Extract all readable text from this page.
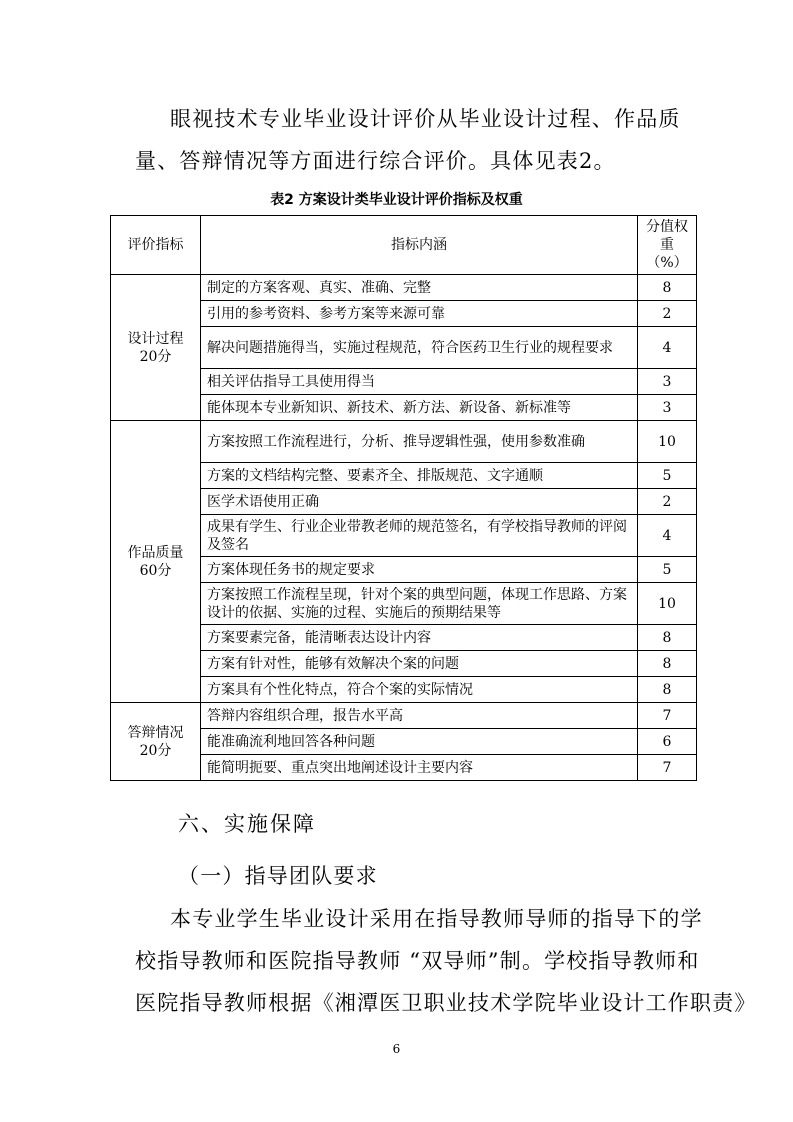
眼视技术专业毕业设计评价从毕业设计过程、作品质

量、答辩情况等方面进行综合评价。具体见表2。

表2 方案设计类毕业设计评价指标及权重

评价指标	指标内涵	分值权重
（%）
设计过程
20分	制定的方案客观、真实、准确、完整	8
	引用的参考资料、参考方案等来源可靠	2
	解决问题措施得当，实施过程规范，符合医药卫生行业的规程要求	4
	相关评估指导工具使用得当	3
	能体现本专业新知识、新技术、新方法、新设备、新标准等	3
作品质量
60分	方案按照工作流程进行，分析、推导逻辑性强，使用参数准确	10
	方案的文档结构完整、要素齐全、排版规范、文字通顺	5
	医学术语使用正确	2
	成果有学生、行业企业带教老师的规范签名，有学校指导教师的评阅及签名	4
	方案体现任务书的规定要求	5
	方案按照工作流程呈现，针对个案的典型问题，体现工作思路、方案设计的依据、实施的过程、实施后的预期结果等	10
	方案要素完备，能清晰表达设计内容	8
	方案有针对性，能够有效解决个案的问题	8
	方案具有个性化特点，符合个案的实际情况	8
答辩情况
20分	答辩内容组织合理，报告水平高	7
	能准确流利地回答各种问题	6
	能简明扼要、重点突出地阐述设计主要内容	7

六、实施保障

（一）指导团队要求

本专业学生毕业设计采用在指导教师导师的指导下的学

校指导教师和医院指导教师 “双导师”制。学校指导教师和

医院指导教师根据《湘潭医卫职业技术学院毕业设计工作职责》

6
